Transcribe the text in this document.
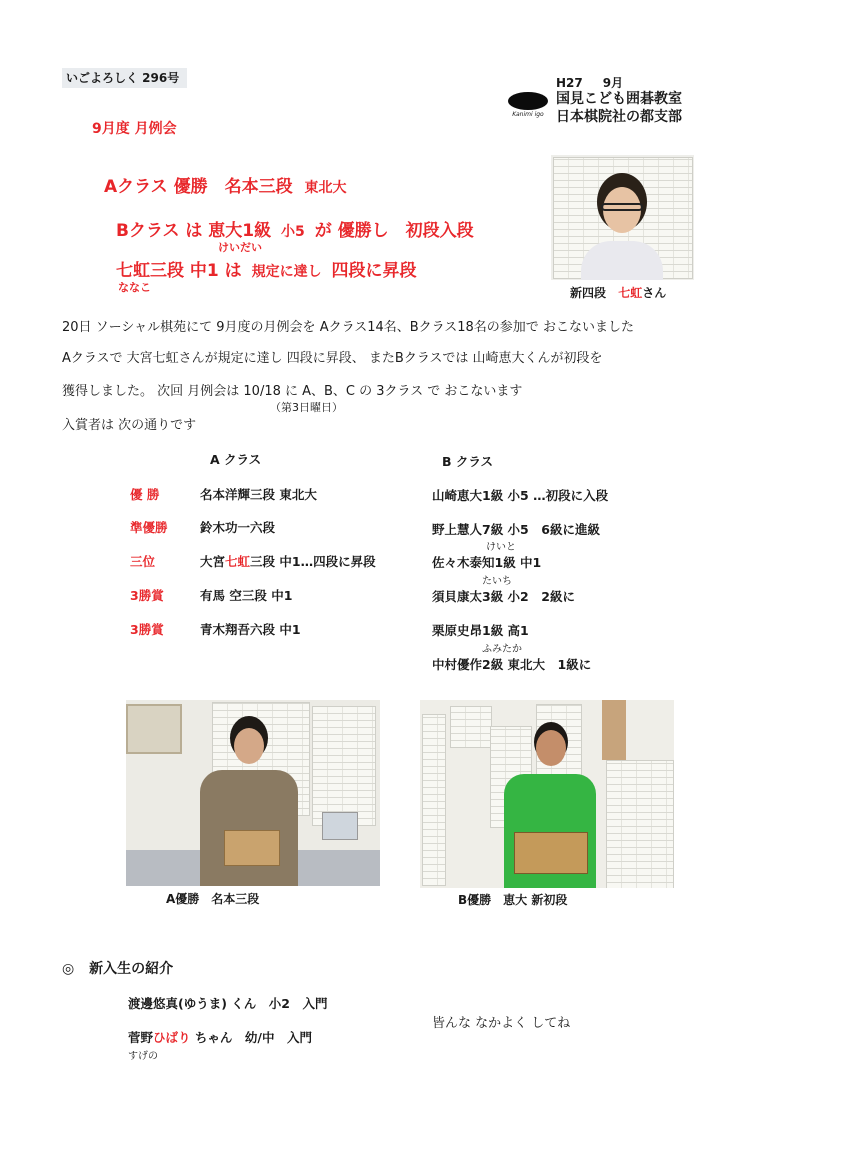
いごよろしく 296号	H27 9月
Kanimi igo
国見こども囲碁教室
日本棋院社の都支部
9月度 月例会
Aクラス 優勝　名本三段 東北大
Bクラス は 恵大1級 小5 が 優勝し　初段入段
けいだい
七虹三段 中1 は 規定に達し 四段に昇段
ななこ	新四段 七虹さん
20日 ソーシャル棋苑にて 9月度の月例会を Aクラス14名、Bクラス18名の参加で おこないました
Aクラスで 大宮七虹さんが規定に達し 四段に昇段、 またBクラスでは 山崎恵大くんが初段を
獲得しました。 次回 月例会は 10/18 に A、B、C の 3クラス で おこないます
（第3日曜日）
入賞者は 次の通りです
A クラス	B クラス
優 勝	名本洋輝三段 東北大
準優勝	鈴木功一六段
三位	大宮七虹三段 中1…四段に昇段
3勝賞	有馬 空三段 中1
3勝賞	青木翔吾六段 中1
山崎恵大1級 小5 …初段に入段
野上慧人7級 小5　6級に進級
けいと
佐々木泰知1級 中1
たいち
須貝康太3級 小2　2級に
栗原史昂1級 高1
ふみたか
中村優作2級 東北大　1級に
A優勝　名本三段	B優勝　恵大 新初段
◎ 新入生の紹介
渡邊悠真(ゆうま) くん　小2　入門
菅野ひばり ちゃん　幼/中　入門
すげの
皆んな なかよく してね
